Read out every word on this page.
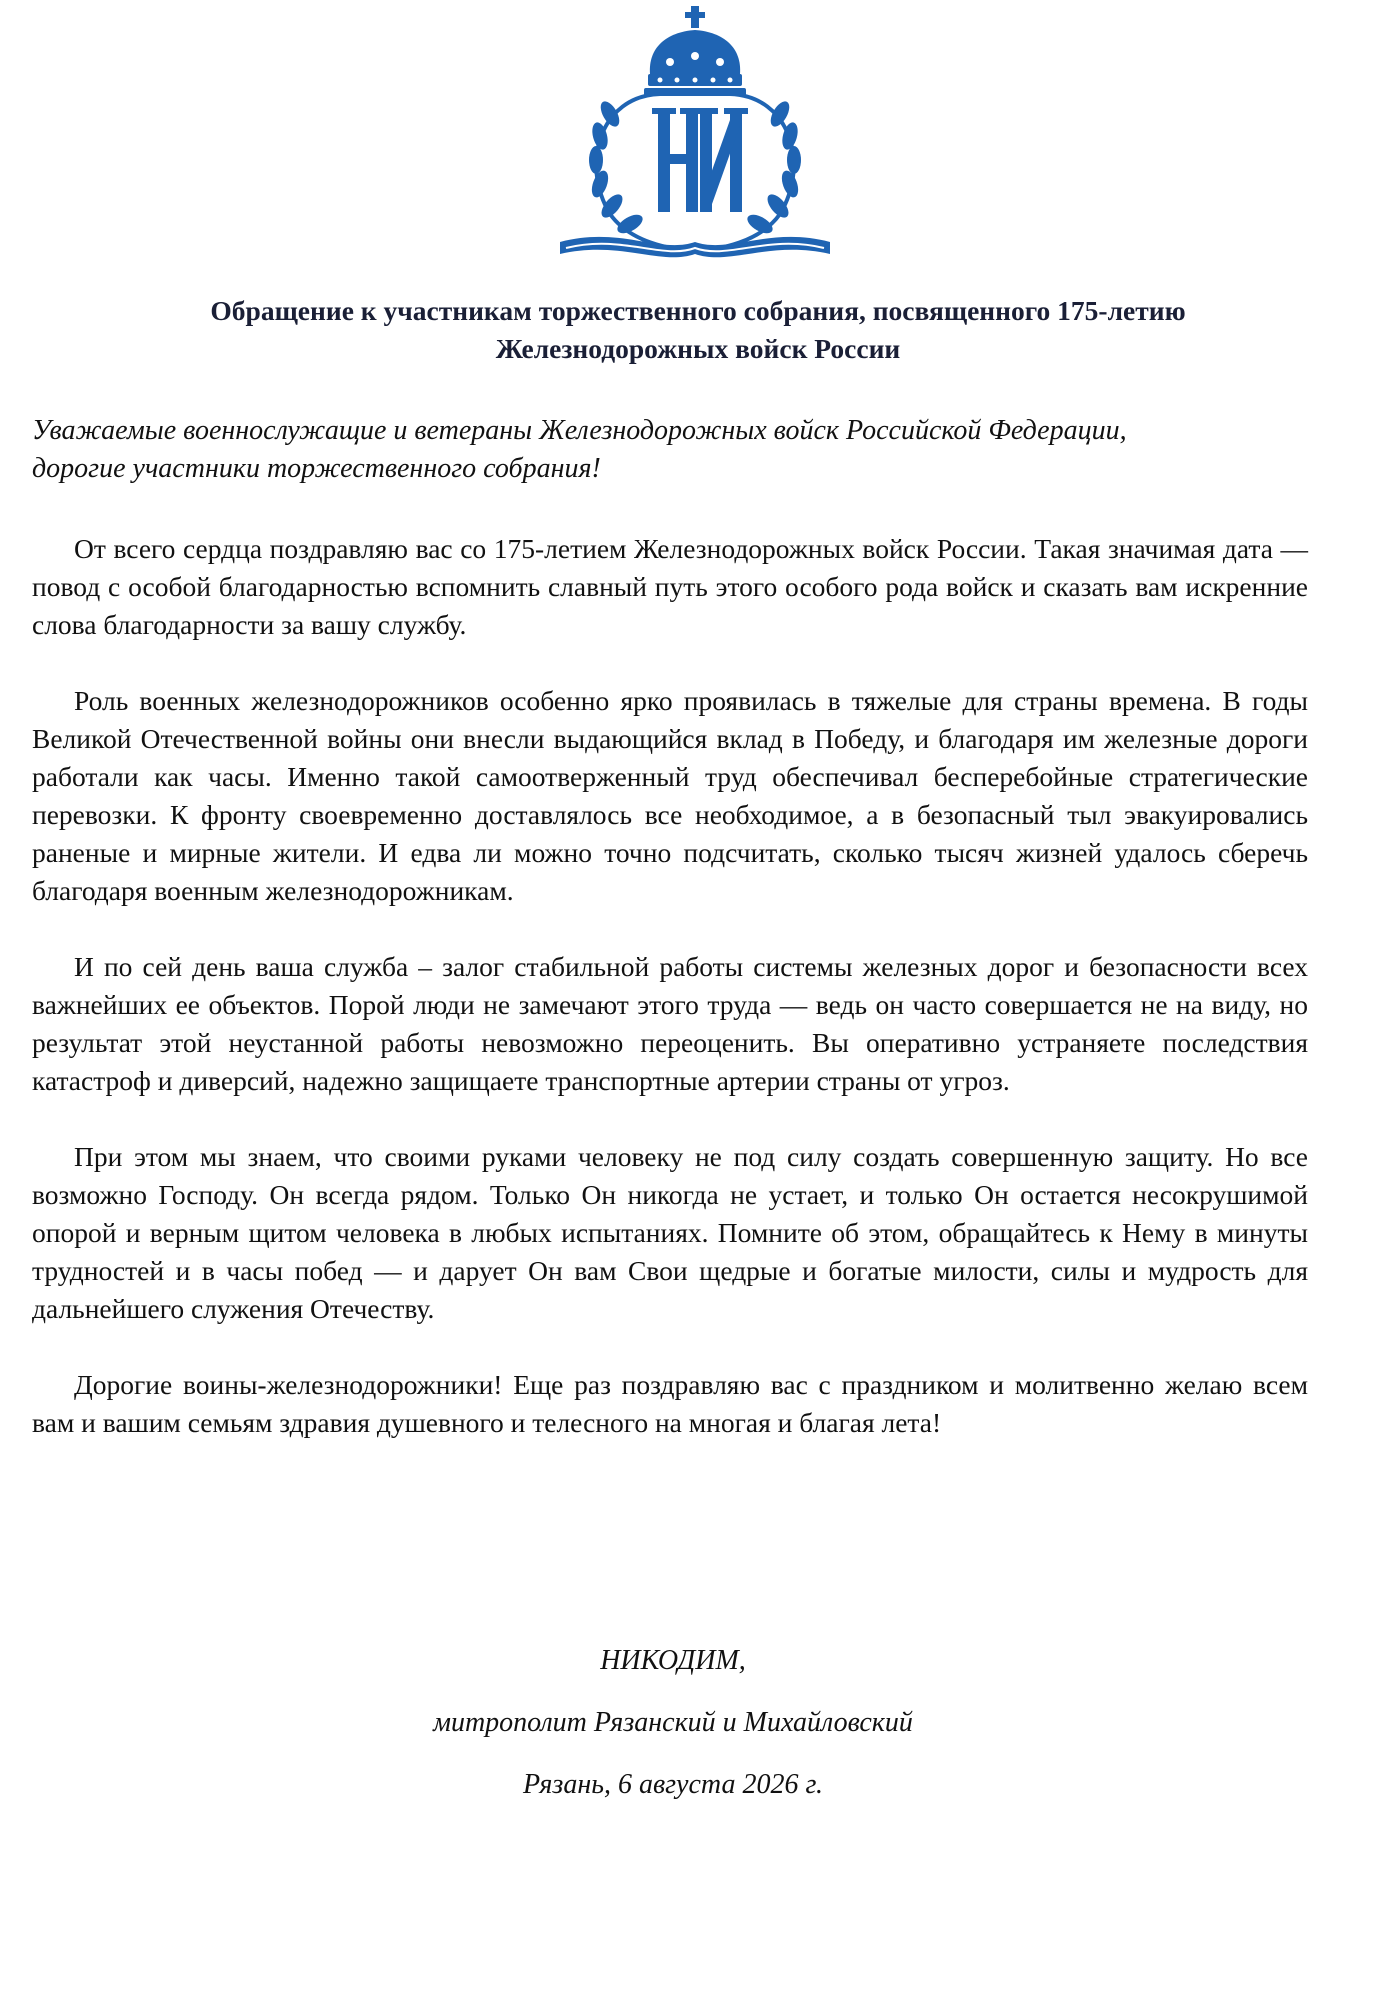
Обращение к участникам торжественного собрания, посвященного 175-летию
Железнодорожных войск России
Уважаемые военнослужащие и ветераны Железнодорожных войск Российской Федерации,
дорогие участники торжественного собрания!

От всего сердца поздравляю вас со 175-летием Железнодорожных войск России. Такая значимая дата — повод с особой благодарностью вспомнить славный путь этого особого рода войск и сказать вам искренние слова благодарности за вашу службу.

Роль военных железнодорожников особенно ярко проявилась в тяжелые для страны времена. В годы Великой Отечественной войны они внесли выдающийся вклад в Победу, и благодаря им железные дороги работали как часы. Именно такой самоотверженный труд обеспечивал бесперебойные стратегические перевозки. К фронту своевременно доставлялось все необходимое, а в безопасный тыл эвакуировались раненые и мирные жители. И едва ли можно точно подсчитать, сколько тысяч жизней удалось сберечь благодаря военным железнодорожникам.

И по сей день ваша служба – залог стабильной работы системы железных дорог и безопасности всех важнейших ее объектов. Порой люди не замечают этого труда — ведь он часто совершается не на виду, но результат этой неустанной работы невозможно переоценить. Вы оперативно устраняете последствия катастроф и диверсий, надежно защищаете транспортные артерии страны от угроз.

При этом мы знаем, что своими руками человеку не под силу создать совершенную защиту. Но все возможно Господу. Он всегда рядом. Только Он никогда не устает, и только Он остается несокрушимой опорой и верным щитом человека в любых испытаниях. Помните об этом, обращайтесь к Нему в минуты трудностей и в часы побед — и дарует Он вам Свои щедрые и богатые милости, силы и мудрость для дальнейшего служения Отечеству.

Дорогие воины-железнодорожники! Еще раз поздравляю вас с праздником и молитвенно желаю всем вам и вашим семьям здравия душевного и телесного на многая и благая лета!

НИКОДИМ,
митрополит Рязанский и Михайловский
Рязань, 6 августа 2026 г.
